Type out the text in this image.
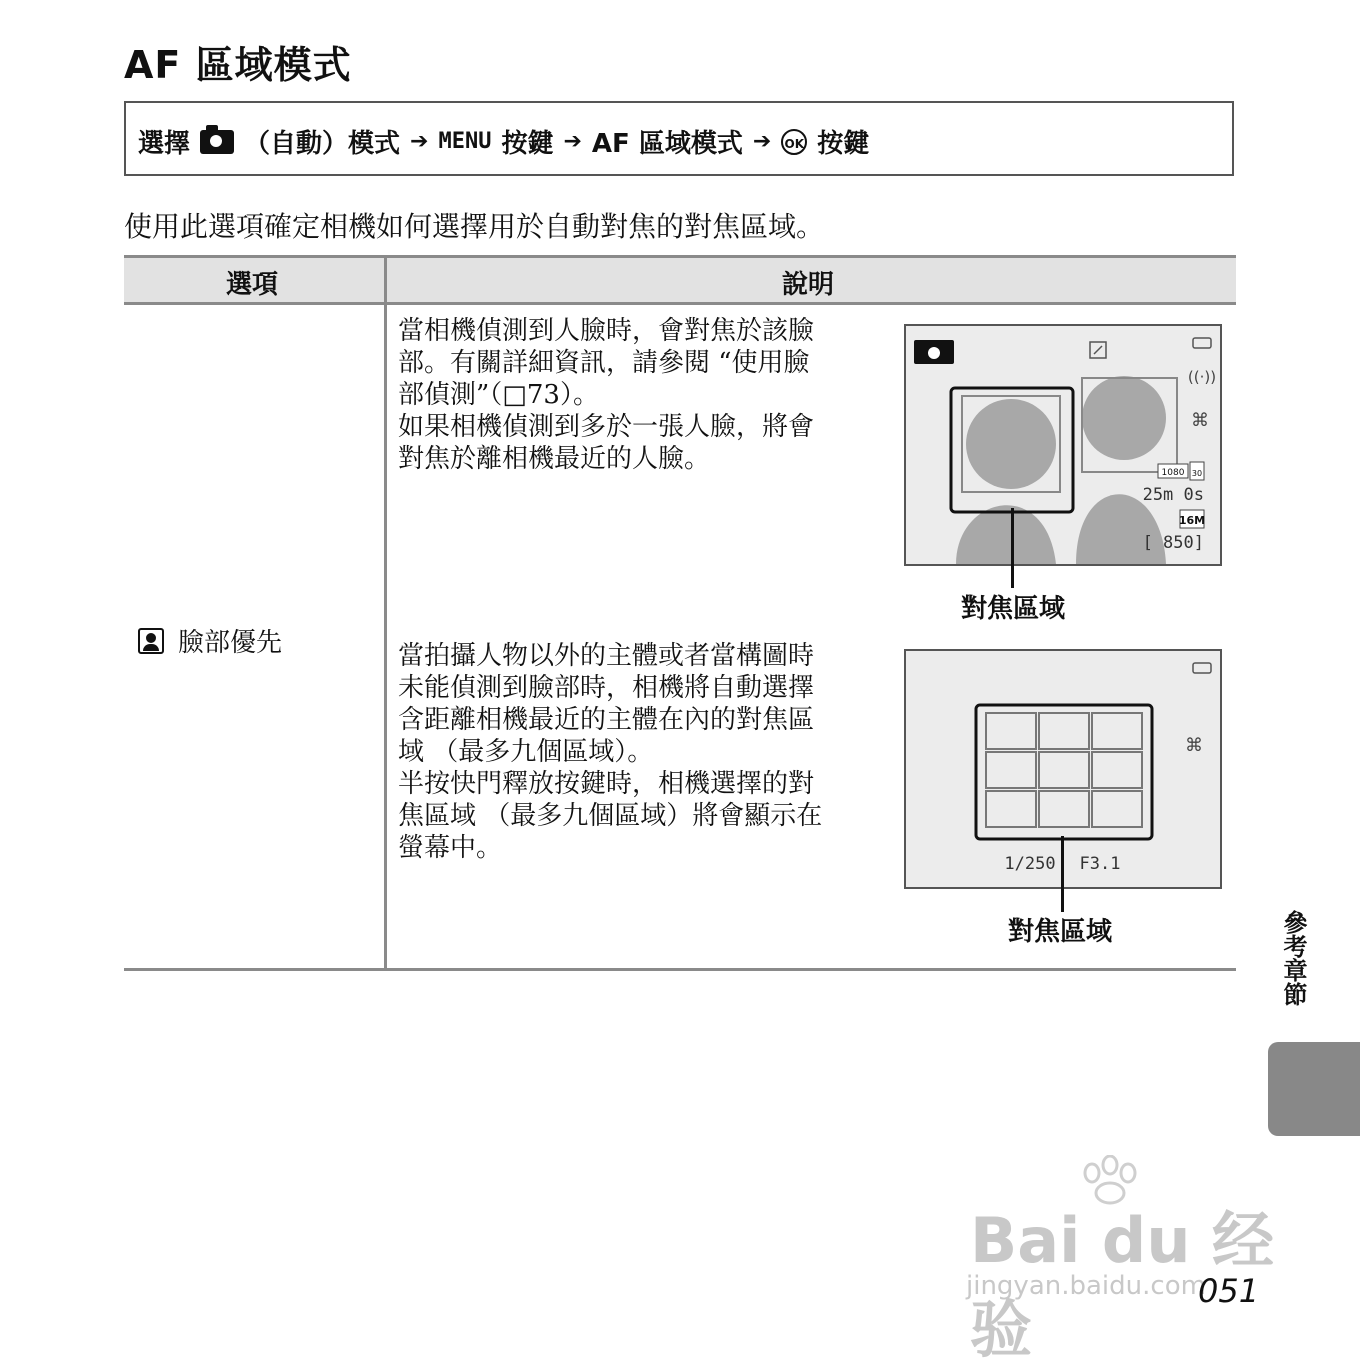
AF 區域模式
選擇 （自動）模式 ➔ MENU 按鍵 ➔ AF 區域模式 ➔ OK 按鍵
使用此選項確定相機如何選擇用於自動對焦的對焦區域。
選項	說明
臉部優先
當相機偵測到人臉時，會對焦於該臉
部。有關詳細資訊，請參閱 “使用臉
部偵測”（□73）。
如果相機偵測到多於一張人臉，將會
對焦於離相機最近的人臉。
當拍攝人物以外的主體或者當構圖時
未能偵測到臉部時，相機將自動選擇
含距離相機最近的主體在內的對焦區
域 （最多九個區域）。
半按快門釋放按鍵時，相機選擇的對
焦區域 （最多九個區域）將會顯示在
螢幕中。
((·))
⌘
1080 30
25m 0s
16M
[ 850]
對焦區域
⌘
1/250 F3.1
對焦區域	參考章節
Bai du 经验
jingyan.baidu.com
051
